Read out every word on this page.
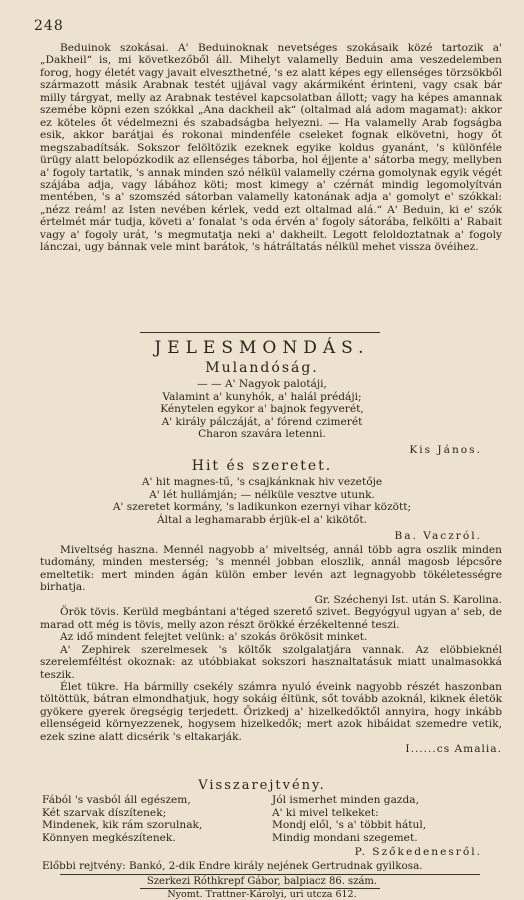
248

Beduinok szokásai. A' Beduinoknak nevetséges szokásaik közé tartozik a' „Dakheil“ is, mi következőből áll. Mihelyt valamelly Beduin ama veszedelemben forog, hogy életét vagy javait elveszthetné, 's ez alatt képes egy ellenséges törzsökből származott másik Arabnak testét ujjával vagy akármiként érinteni, vagy csak bár milly tárgyat, melly az Arabnak testével kapcsolatban állott; vagy ha képes amannak szemébe köpni ezen szókkal „Ana dackheil ak“ (oltalmad alá adom magamat): akkor ez köteles őt védelmezni és szabadságba helyezni. — Ha valamelly Arab fogságba esik, akkor barátjai és rokonai mindenféle cseleket fognak elkövetni, hogy őt megszabadítsák. Sokszor felöltözik ezeknek egyike koldus gyanánt, 's különféle ürügy alatt belopózkodik az ellenséges táborba, hol éjjente a' sátorba megy, mellyben a' fogoly tartatik, 's annak minden szó nélkül valamelly czérna gomolynak egyik végét szájába adja, vagy lábához köti; most kimegy a' czérnát mindig legomolyítván mentében, 's a' szomszéd sátorban valamelly katonának adja a' gomolyt e' szókkal: „nézz reám! az Isten nevében kérlek, vedd ezt oltalmad alá.“ A' Beduin, ki e' szók értelmét már tudja, követi a' fonalat 's oda érvén a' fogoly sátorába, felkölti a' Rabait vagy a' fogoly urát, 's megmutatja neki a' dakheilt. Legott feloldoztatnak a' fogoly lánczai, ugy bánnak vele mint barátok, 's hátráltatás nélkül mehet vissza övéihez.

JELESMONDÁS.
Mulandóság.
— — A' Nagyok palotáji,
Valamint a' kunyhók, a' halál prédáji;
Kénytelen egykor a' bajnok fegyverét,
A' király pálczáját, a' fórend czimerét
Charon szavára letenni.
Kis János.
Hit és szeretet.
A' hit magnes-tű, 's csajkánknak hiv vezetője
A' lét hullámján; — nélküle vesztve utunk.
A' szeretet kormány, 's ladikunkon ezernyi vihar között;
Által a leghamarabb érjük-el a' kikötőt.
Ba. Vaczról.

Miveltség haszna. Mennél nagyobb a' miveltség, annál több agra oszlik minden tudomány, minden mesterség; 's mennél jobban eloszlik, annál magosb lépcsőre emeltetik: mert minden ágán külön ember levén azt legnagyobb tökéletességre birhatja.

Gr. Széchenyi Ist. után S. Karolina.

Örök tövis. Kerüld megbántani a'téged szerető szivet. Begyógyul ugyan a' seb, de marad ott még is tövis, melly azon részt örökké érzékeltenné teszi.

Az idő mindent felejtet velünk: a' szokás örökösit minket.

A' Zephirek szerelmesek 's költők szolgalatjára vannak. Az elöbbieknél szerelemféltést okoznak: az utóbbiakat sokszori hasznaltatásuk miatt unalmasokká teszik.

Élet tükre. Ha bármilly csekély számra nyuló éveink nagyobb részét haszonban töltöttük, bátran elmondhatjuk, hogy sokáig éltünk, sőt tovább azoknál, kiknek életök gyökere gyerek öregségig terjedett. Őrizkedj a' hizelkedőktől annyira, hogy inkább ellenségeid környezzenek, hogysem hizelkedők; mert azok hibáidat szemedre vetik, ezek szine alatt dicsérik 's eltakarják.

I......cs Amalia.
Visszarejtvény.
Fából 's vasból áll egészem,
Két szarvak díszítenek;
Mindenek, kik rám szorulnak,
Könnyen megkészítenek.
Jól ismerhet minden gazda,
A' ki mivel telkeket:
Mondj elől, 's a' többit hátul,
Mindig mondani szegemet.
P. Szőkedenesről.
Előbbi rejtvény: Bankó, 2-dik Endre király nejének Gertrudnak gyilkosa.
Szerkezi Róthkrepf Gábor, balpiacz 86. szám.
Nyomt. Trattner-Károlyi, uri utcza 612.
